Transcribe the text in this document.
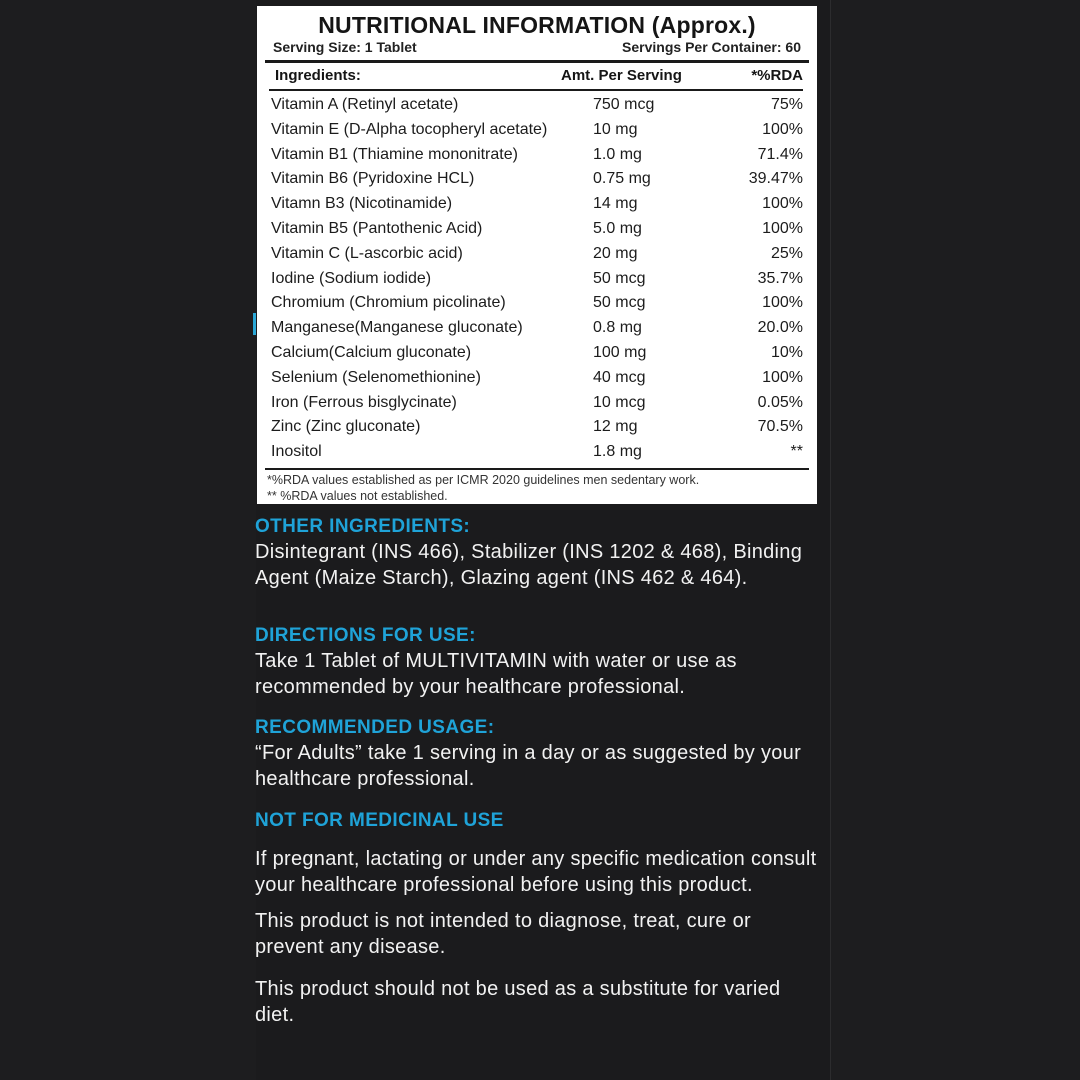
NUTRITIONAL INFORMATION (Approx.)
Serving Size: 1 Tablet	Servings Per Container: 60
Ingredients:	Amt. Per Serving	*%RDA
Vitamin A (Retinyl acetate)	750 mcg	75%
Vitamin E (D-Alpha tocopheryl acetate)	10 mg	100%
Vitamin B1 (Thiamine mononitrate)	1.0 mg	71.4%
Vitamin B6 (Pyridoxine HCL)	0.75 mg	39.47%
Vitamn B3 (Nicotinamide)	14 mg	100%
Vitamin B5 (Pantothenic Acid)	5.0 mg	100%
Vitamin C (L-ascorbic acid)	20 mg	25%
Iodine (Sodium iodide)	50 mcg	35.7%
Chromium (Chromium picolinate)	50 mcg	100%
Manganese(Manganese gluconate)	0.8 mg	20.0%
Calcium(Calcium gluconate)	100 mg	10%
Selenium (Selenomethionine)	40 mcg	100%
Iron (Ferrous bisglycinate)	10 mcg	0.05%
Zinc (Zinc gluconate)	12 mg	70.5%
Inositol	1.8 mg	**
*%RDA values established as per ICMR 2020 guidelines men sedentary work.
** %RDA values not established.
OTHER INGREDIENTS:
Disintegrant (INS 466), Stabilizer (INS 1202 & 468), Binding Agent (Maize Starch), Glazing agent (INS 462 & 464).
DIRECTIONS FOR USE:
Take 1 Tablet of MULTIVITAMIN with water or use as recommended by your healthcare professional.
RECOMMENDED USAGE:
“For Adults” take 1 serving in a day or as suggested by your healthcare professional.
NOT FOR MEDICINAL USE
If pregnant, lactating or under any specific medication consult your healthcare professional before using this product.
This product is not intended to diagnose, treat, cure or prevent any disease.
This product should not be used as a substitute for varied diet.
